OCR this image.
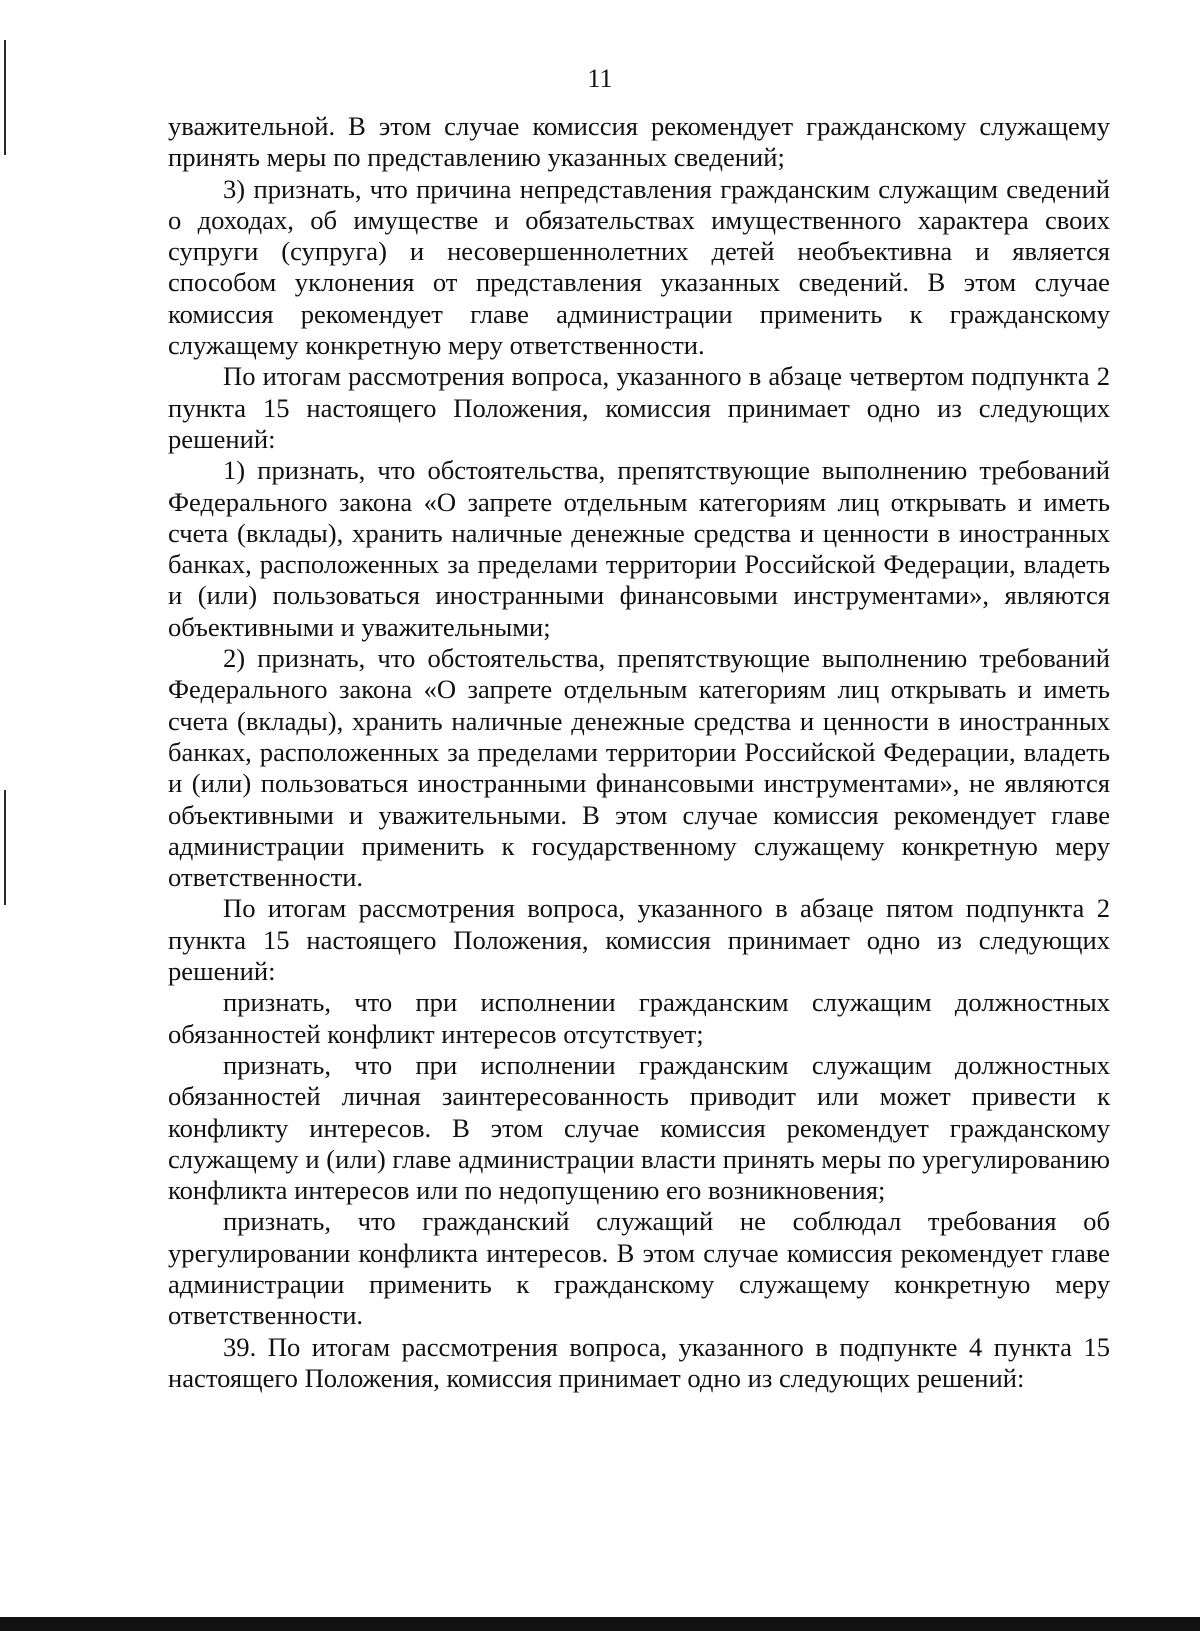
11

уважительной. В этом случае комиссия рекомендует гражданскому служащему принять меры по представлению указанных сведений;

3) признать, что причина непредставления гражданским служащим сведений о доходах, об имуществе и обязательствах имущественного характера своих супруги (супруга) и несовершеннолетних детей необъективна и является способом уклонения от представления указанных сведений. В этом случае комиссия рекомендует главе администрации применить к гражданскому служащему конкретную меру ответственности.

По итогам рассмотрения вопроса, указанного в абзаце четвертом подпункта 2 пункта 15 настоящего Положения, комиссия принимает одно из следующих решений:

1) признать, что обстоятельства, препятствующие выполнению требований Федерального закона «О запрете отдельным категориям лиц открывать и иметь счета (вклады), хранить наличные денежные средства и ценности в иностранных банках, расположенных за пределами территории Российской Федерации, владеть и (или) пользоваться иностранными финансовыми инструментами», являются объективными и уважительными;

2) признать, что обстоятельства, препятствующие выполнению требований Федерального закона «О запрете отдельным категориям лиц открывать и иметь счета (вклады), хранить наличные денежные средства и ценности в иностранных банках, расположенных за пределами территории Российской Федерации, владеть и (или) пользоваться иностранными финансовыми инструментами», не являются объективными и уважительными. В этом случае комиссия рекомендует главе администрации применить к государственному служащему конкретную меру ответственности.

По итогам рассмотрения вопроса, указанного в абзаце пятом подпункта 2 пункта 15 настоящего Положения, комиссия принимает одно из следующих решений:

признать, что при исполнении гражданским служащим должностных обязанностей конфликт интересов отсутствует;

признать, что при исполнении гражданским служащим должностных обязанностей личная заинтересованность приводит или может привести к конфликту интересов. В этом случае комиссия рекомендует гражданскому служащему и (или) главе администрации власти принять меры по урегулированию конфликта интересов или по недопущению его возникновения;

признать, что гражданский служащий не соблюдал требования об урегулировании конфликта интересов. В этом случае комиссия рекомендует главе администрации применить к гражданскому служащему конкретную меру ответственности.

39. По итогам рассмотрения вопроса, указанного в подпункте 4 пункта 15 настоящего Положения, комиссия принимает одно из следующих решений:
